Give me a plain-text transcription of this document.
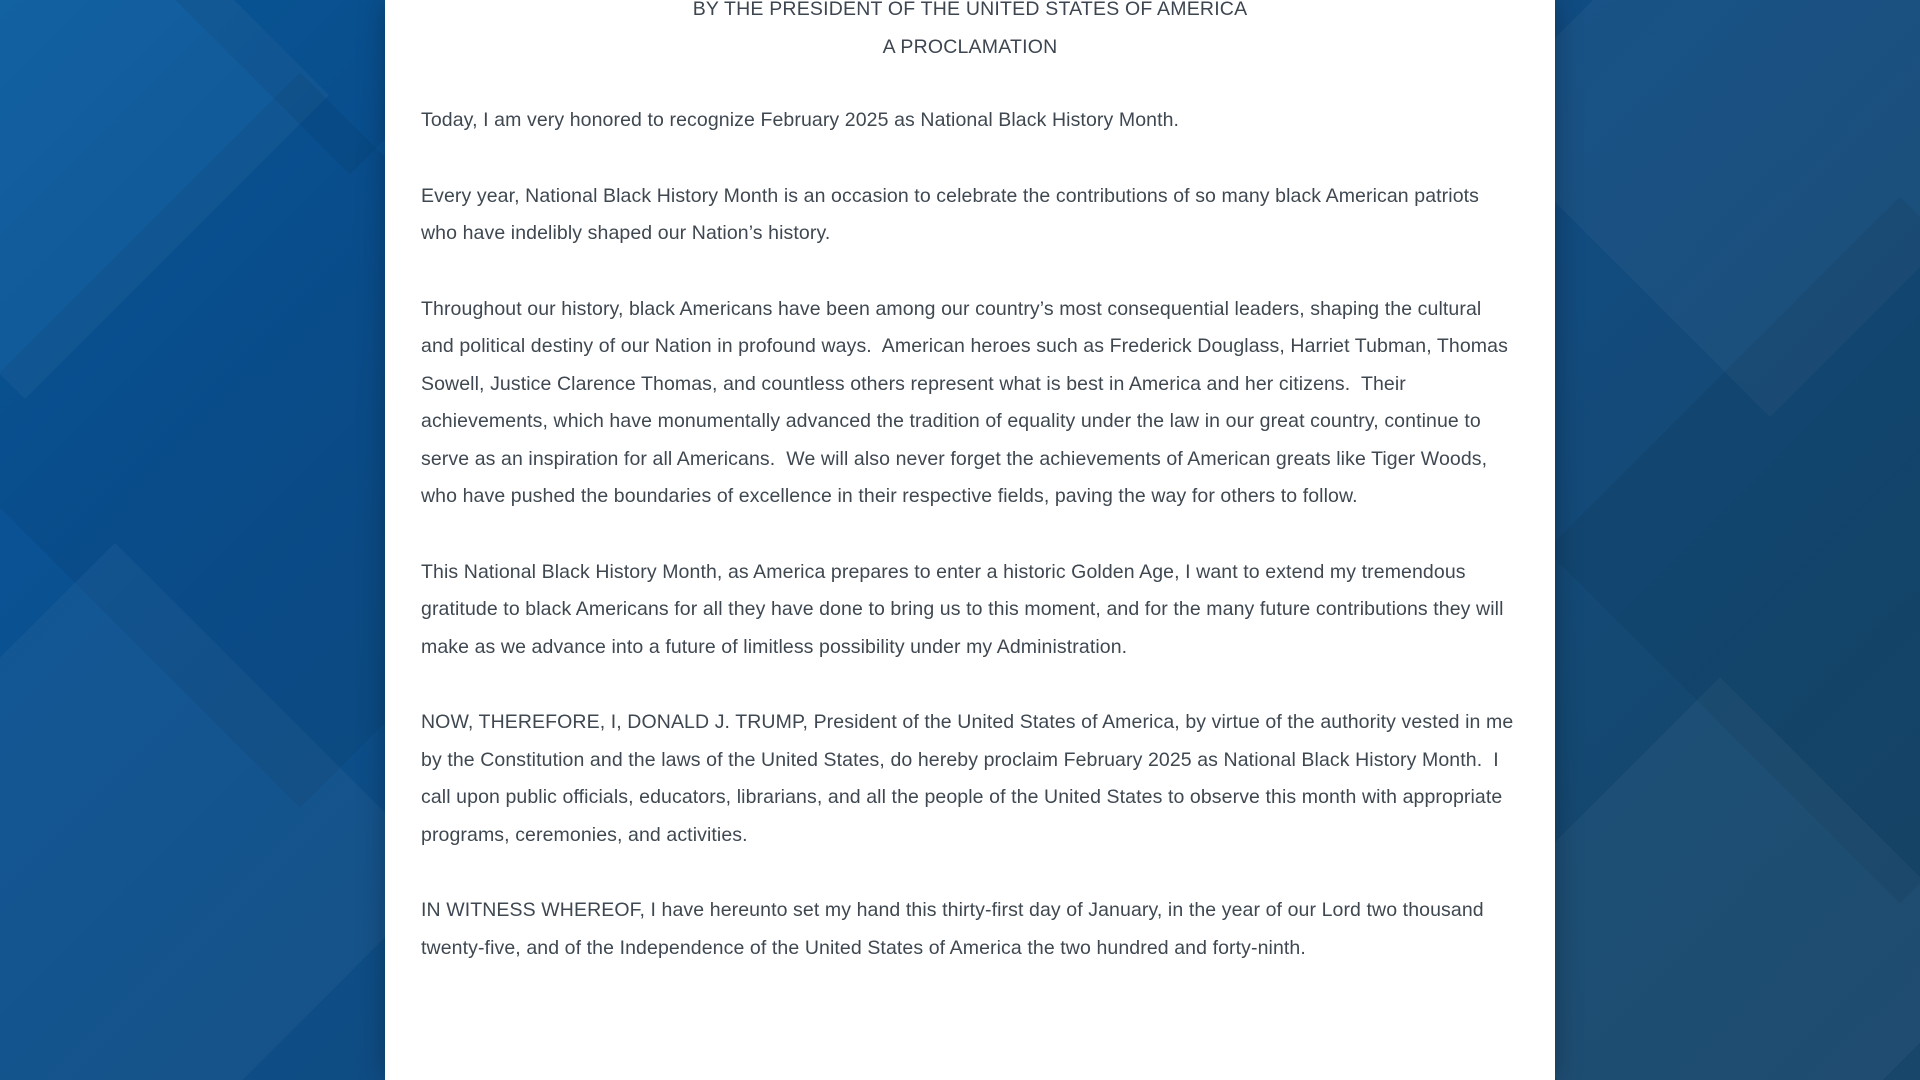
BY THE PRESIDENT OF THE UNITED STATES OF AMERICA
A PROCLAMATION

Today, I am very honored to recognize February 2025 as National Black History Month.

Every year, National Black History Month is an occasion to celebrate the contributions of so many black American patriots who have indelibly shaped our Nation’s history.

Throughout our history, black Americans have been among our country’s most consequential leaders, shaping the cultural and political destiny of our Nation in profound ways.  American heroes such as Frederick Douglass, Harriet Tubman, Thomas Sowell, Justice Clarence Thomas, and countless others represent what is best in America and her citizens.  Their achievements, which have monumentally advanced the tradition of equality under the law in our great country, continue to serve as an inspiration for all Americans.  We will also never forget the achievements of American greats like Tiger Woods, who have pushed the boundaries of excellence in their respective fields, paving the way for others to follow.

This National Black History Month, as America prepares to enter a historic Golden Age, I want to extend my tremendous gratitude to black Americans for all they have done to bring us to this moment, and for the many future contributions they will make as we advance into a future of limitless possibility under my Administration.

NOW, THEREFORE, I, DONALD J. TRUMP, President of the United States of America, by virtue of the authority vested in me by the Constitution and the laws of the United States, do hereby proclaim February 2025 as National Black History Month.  I call upon public officials, educators, librarians, and all the people of the United States to observe this month with appropriate programs, ceremonies, and activities.

IN WITNESS WHEREOF, I have hereunto set my hand this thirty-first day of January, in the year of our Lord two thousand twenty-five, and of the Independence of the United States of America the two hundred and forty-ninth.
